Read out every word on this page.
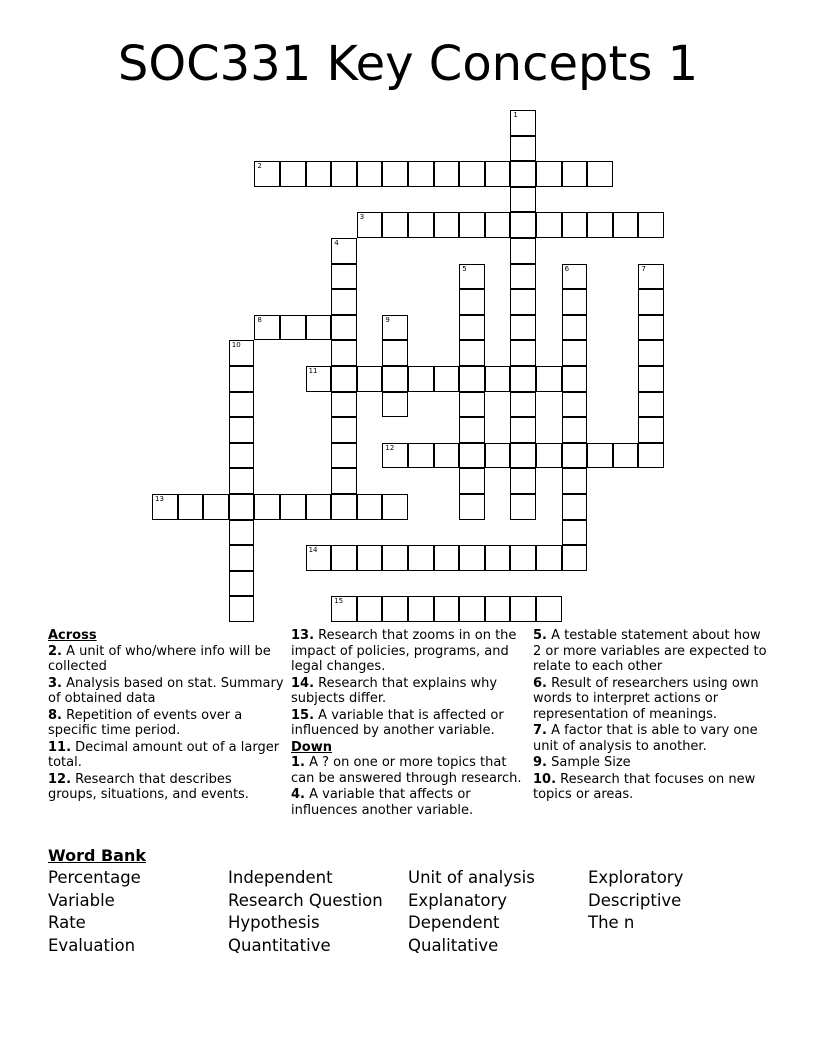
SOC331 Key Concepts 1
1
2
3
4
5	6	7
8	9
10
11
12
13
14
15
Across
2. A unit of who/where info will be collected
3. Analysis based on stat. Summary of obtained data
8. Repetition of events over a specific time period.
11. Decimal amount out of a larger total.
12. Research that describes groups, situations, and events.
13. Research that zooms in on the impact of policies, programs, and legal changes.
14. Research that explains why subjects differ.
15. A variable that is affected or influenced by another variable.
Down
1. A ? on one or more topics that can be answered through research.
4. A variable that affects or influences another variable.
5. A testable statement about how 2 or more variables are expected to relate to each other
6. Result of researchers using own words to interpret actions or representation of meanings.
7. A factor that is able to vary one unit of analysis to another.
9. Sample Size
10. Research that focuses on new topics or areas.
Word Bank
Percentage
Variable
Rate
Evaluation
Independent
Research Question
Hypothesis
Quantitative
Unit of analysis
Explanatory
Dependent
Qualitative
Exploratory
Descriptive
The n
